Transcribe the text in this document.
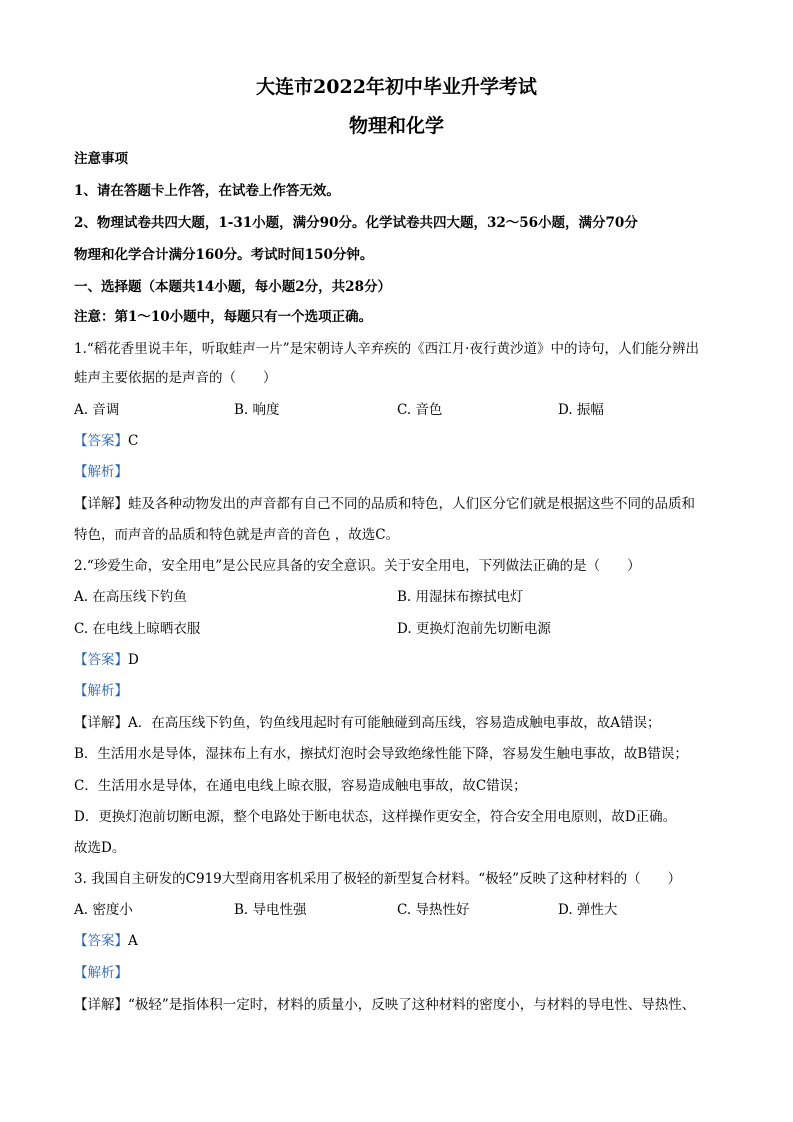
大连市2022年初中毕业升学考试
物理和化学
注意事项
1、请在答题卡上作答，在试卷上作答无效。
2、物理试卷共四大题，1-31小题，满分90分。化学试卷共四大题，32～56小题，满分70分
物理和化学合计满分160分。考试时间150分钟。
一、选择题（本题共14小题，每小题2分，共28分）
注意：第1～10小题中，每题只有一个选项正确。
1.“稻花香里说丰年，听取蛙声一片”是宋朝诗人辛弃疾的《西江月·夜行黄沙道》中的诗句，人们能分辨出
蛙声主要依据的是声音的（　　）
A. 音调	B. 响度	C. 音色	D. 振幅
【答案】C
【解析】
【详解】蛙及各种动物发出的声音都有自己不同的品质和特色，人们区分它们就是根据这些不同的品质和
特色，而声音的品质和特色就是声音的音色 ，故选C。
2.“珍爱生命，安全用电”是公民应具备的安全意识。关于安全用电，下列做法正确的是（　　）
A. 在高压线下钓鱼	B. 用湿抹布擦拭电灯
C. 在电线上晾晒衣服	D. 更换灯泡前先切断电源
【答案】D
【解析】
【详解】A．在高压线下钓鱼，钓鱼线甩起时有可能触碰到高压线，容易造成触电事故，故A错误；
B．生活用水是导体，湿抹布上有水，擦拭灯泡时会导致绝缘性能下降，容易发生触电事故，故B错误；
C．生活用水是导体，在通电电线上晾衣服，容易造成触电事故，故C错误；
D．更换灯泡前切断电源，整个电路处于断电状态，这样操作更安全，符合安全用电原则，故D正确。
故选D。
3. 我国自主研发的C919大型商用客机采用了极轻的新型复合材料。“极轻”反映了这种材料的（　　）
A. 密度小	B. 导电性强	C. 导热性好	D. 弹性大
【答案】A
【解析】
【详解】“极轻”是指体积一定时，材料的质量小，反映了这种材料的密度小，与材料的导电性、导热性、
